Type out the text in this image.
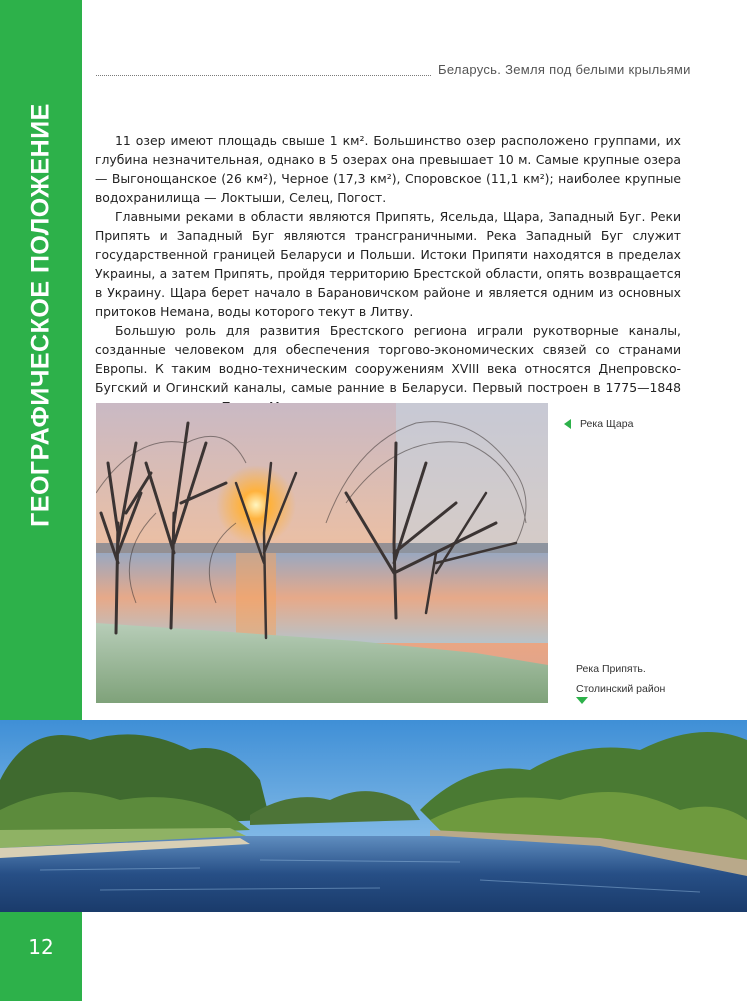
ГЕОГРАФИЧЕСКОЕ ПОЛОЖЕНИЕ
12
Беларусь. Земля под белыми крыльями

11 озер имеют площадь свыше 1 км². Большинство озер расположено группами, их глубина незначительная, однако в 5 озерах она превышает 10 м. Самые крупные озера — Выгонощанское (26 км²), Черное (17,3 км²), Споровское (11,1 км²); наиболее крупные водохранилища — Локтыши, Селец, Погост.

Главными реками в области являются Припять, Ясельда, Щара, Западный Буг. Реки Припять и Западный Буг являются трансграничными. Река Западный Буг служит государственной границей Беларуси и Польши. Истоки Припяти находятся в пределах Украины, а затем Припять, пройдя территорию Брестской области, опять возвращается в Украину. Щара берет начало в Барановичском районе и является одним из основных притоков Немана, воды которого текут в Литву.

Большую роль для развития Брестского региона играли рукотворные каналы, созданные человеком для обеспечения торгово-экономических связей со странами Европы. К таким водно-техническим сооружениям XVIII века относятся Днепровско-Бугский и Огинский каналы, самые ранние в Беларуси. Первый построен в 1775—1848

Река Щара
Река Припять.
Столинский район
